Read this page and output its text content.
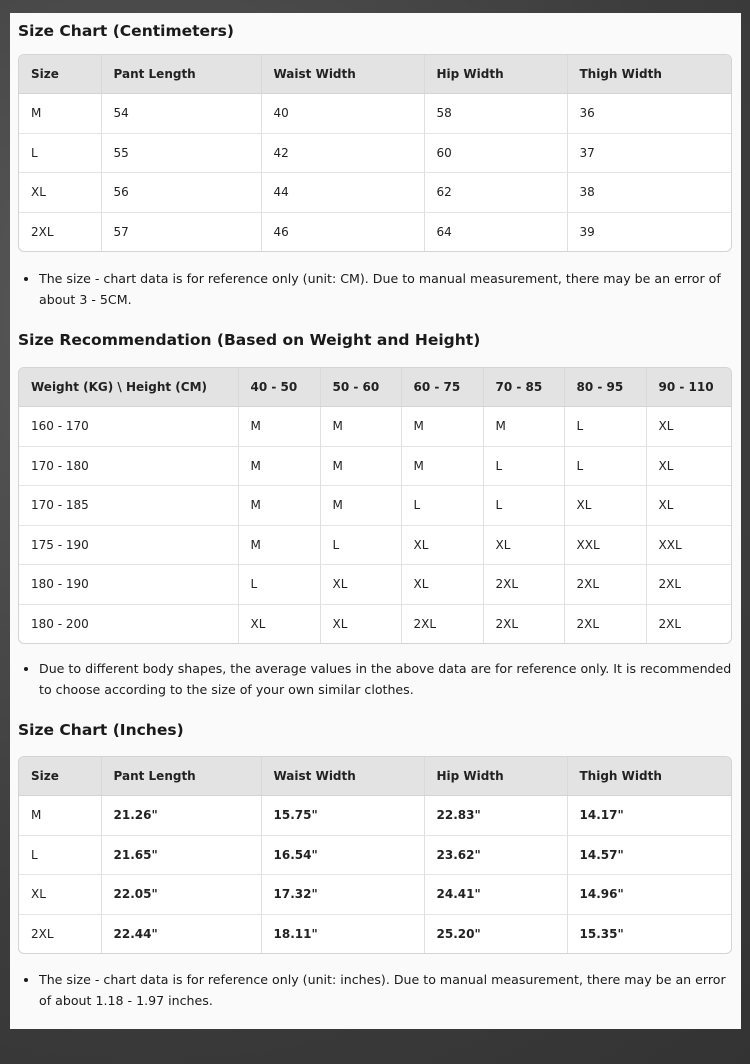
Size Chart (Centimeters)
Size	Pant Length	Waist Width	Hip Width	Thigh Width
M	54	40	58	36
L	55	42	60	37
XL	56	44	62	38
2XL	57	46	64	39
• The size - chart data is for reference only (unit: CM). Due to manual measurement, there may be an error of about 3 - 5CM.
Size Recommendation (Based on Weight and Height)
Weight (KG) \ Height (CM)	40 - 50	50 - 60	60 - 75	70 - 85	80 - 95	90 - 110
160 - 170	M	M	M	M	L	XL
170 - 180	M	M	M	L	L	XL
170 - 185	M	M	L	L	XL	XL
175 - 190	M	L	XL	XL	XXL	XXL
180 - 190	L	XL	XL	2XL	2XL	2XL
180 - 200	XL	XL	2XL	2XL	2XL	2XL
• Due to different body shapes, the average values in the above data are for reference only. It is recommended to choose according to the size of your own similar clothes.
Size Chart (Inches)
Size	Pant Length	Waist Width	Hip Width	Thigh Width
M	21.26"	15.75"	22.83"	14.17"
L	21.65"	16.54"	23.62"	14.57"
XL	22.05"	17.32"	24.41"	14.96"
2XL	22.44"	18.11"	25.20"	15.35"
• The size - chart data is for reference only (unit: inches). Due to manual measurement, there may be an error of about 1.18 - 1.97 inches.
